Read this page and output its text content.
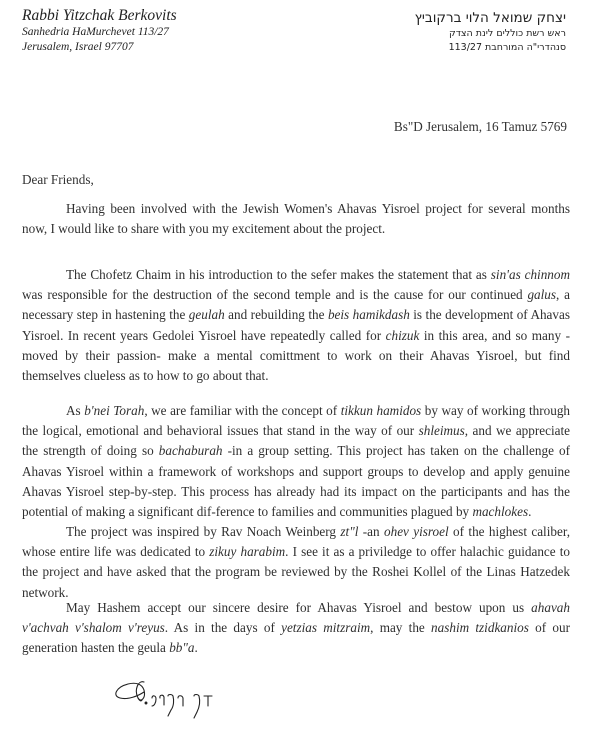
Rabbi Yitzchak Berkovits
Sanhedria HaMurchevet 113/27
Jerusalem, Israel 97707
יצחק שמואל הלוי ברקוביץ
ראש רשת כוללים לינת הצדק
סנהדרי"ה המורחבת 113/27
Bs"D Jerusalem, 16 Tamuz 5769
Dear Friends,

Having been involved with the Jewish Women's Ahavas Yisroel project for several months now, I would like to share with you my excitement about the project.

The Chofetz Chaim in his introduction to the sefer makes the statement that as sin'as chinnom was responsible for the destruction of the second temple and is the cause for our continued galus, a necessary step in hastening the geulah and rebuilding the beis hamikdash is the development of Ahavas Yisroel. In recent years Gedolei Yisroel have repeatedly called for chizuk in this area, and so many -moved by their passion- make a mental comittment to work on their Ahavas Yisroel, but find themselves clueless as to how to go about that.

As b'nei Torah, we are familiar with the concept of tikkun hamidos by way of working through the logical, emotional and behavioral issues that stand in the way of our shleimus, and we appreciate the strength of doing so bachaburah -in a group setting. This project has taken on the challenge of Ahavas Yisroel within a framework of workshops and support groups to develop and apply genuine Ahavas Yisroel step-by-step. This process has already had its impact on the participants and has the potential of making a significant dif-ference to families and communities plagued by machlokes.

The project was inspired by Rav Noach Weinberg zt"l -an ohev yisroel of the highest caliber, whose entire life was dedicated to zikuy harabim. I see it as a priviledge to offer halachic guidance to the project and have asked that the program be reviewed by the Roshei Kollel of the Linas Hatzedek network.

May Hashem accept our sincere desire for Ahavas Yisroel and bestow upon us ahavah v'achvah v'shalom v'reyus. As in the days of yetzias mitzraim, may the nashim tzidkanios of our generation hasten the geula bb"a.
